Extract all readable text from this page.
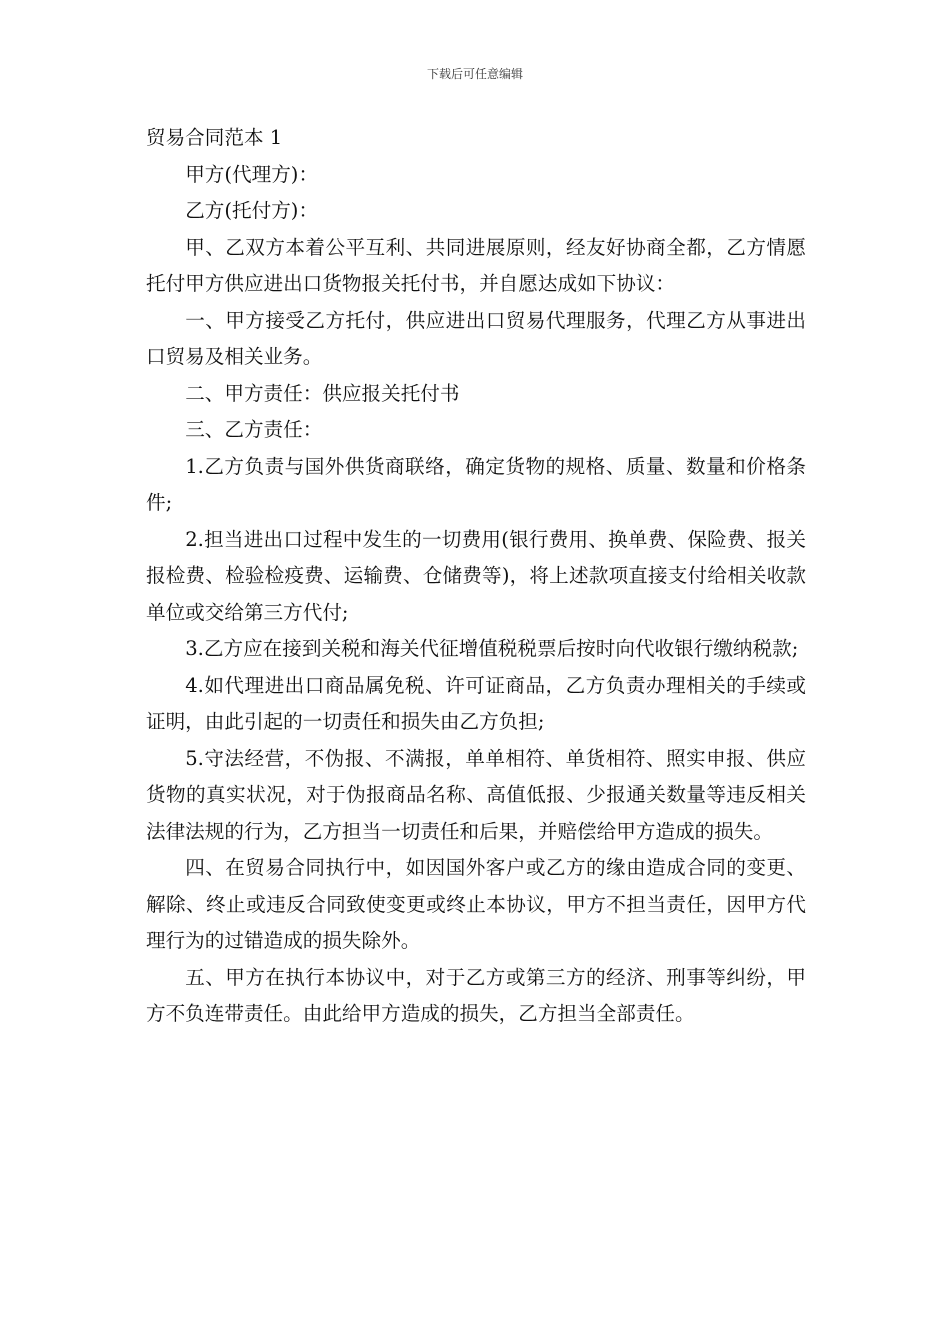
下载后可任意编辑

贸易合同范本 1

甲方(代理方)：

乙方(托付方)：

甲、乙双方本着公平互利、共同进展原则，经友好协商全都，乙方情愿托付甲方供应进出口货物报关托付书，并自愿达成如下协议：

一、甲方接受乙方托付，供应进出口贸易代理服务，代理乙方从事进出口贸易及相关业务。

二、甲方责任：供应报关托付书

三、乙方责任：

1.乙方负责与国外供货商联络，确定货物的规格、质量、数量和价格条件;

2.担当进出口过程中发生的一切费用(银行费用、换单费、保险费、报关报检费、检验检疫费、运输费、仓储费等)，将上述款项直接支付给相关收款单位或交给第三方代付;

3.乙方应在接到关税和海关代征增值税税票后按时向代收银行缴纳税款;

4.如代理进出口商品属免税、许可证商品，乙方负责办理相关的手续或证明，由此引起的一切责任和损失由乙方负担;

5.守法经营，不伪报、不满报，单单相符、单货相符、照实申报、供应货物的真实状况，对于伪报商品名称、高值低报、少报通关数量等违反相关法律法规的行为，乙方担当一切责任和后果，并赔偿给甲方造成的损失。

四、在贸易合同执行中，如因国外客户或乙方的缘由造成合同的变更、解除、终止或违反合同致使变更或终止本协议，甲方不担当责任，因甲方代理行为的过错造成的损失除外。

五、甲方在执行本协议中，对于乙方或第三方的经济、刑事等纠纷，甲方不负连带责任。由此给甲方造成的损失，乙方担当全部责任。
